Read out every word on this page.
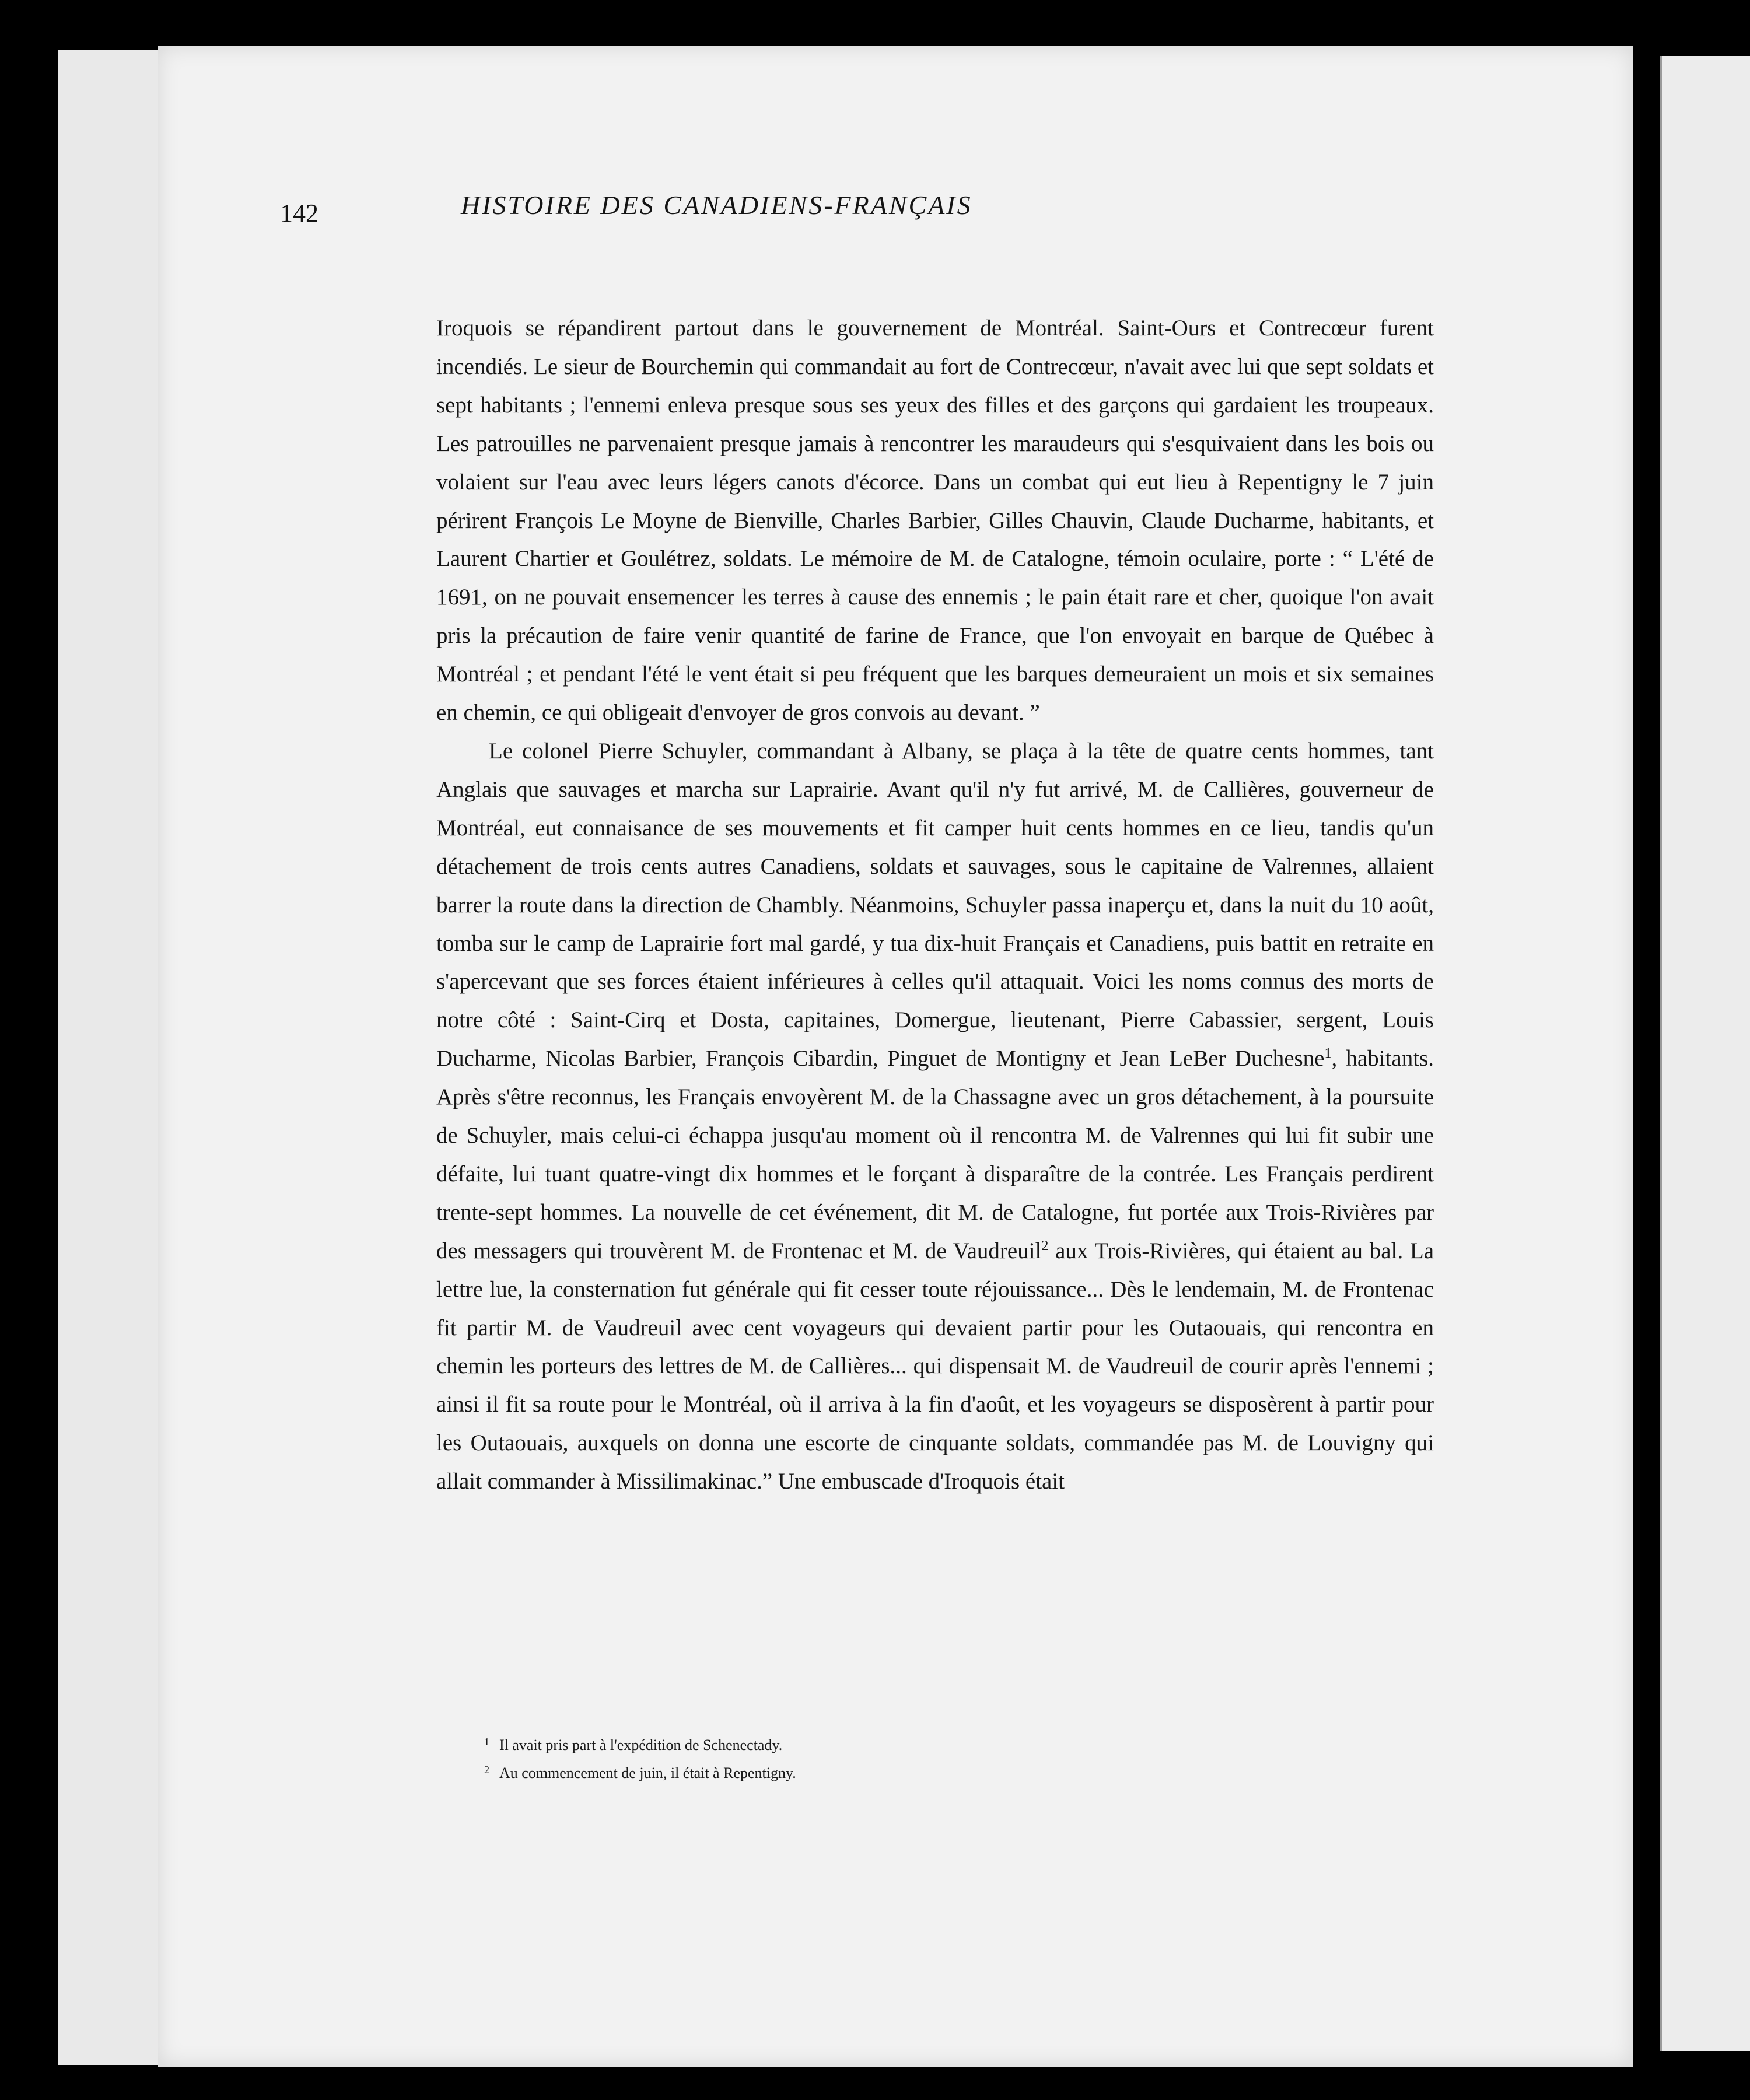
142	HISTOIRE DES CANADIENS-FRANÇAIS

Iroquois se répandirent partout dans le gouvernement de Montréal. Saint-Ours et Contrecœur furent incendiés. Le sieur de Bourchemin qui commandait au fort de Contrecœur, n'avait avec lui que sept soldats et sept habitants ; l'ennemi enleva presque sous ses yeux des filles et des garçons qui gardaient les troupeaux. Les patrouilles ne parvenaient presque jamais à rencontrer les maraudeurs qui s'esquivaient dans les bois ou volaient sur l'eau avec leurs légers canots d'écorce. Dans un combat qui eut lieu à Repentigny le 7 juin périrent François Le Moyne de Bienville, Charles Barbier, Gilles Chauvin, Claude Ducharme, habitants, et Laurent Chartier et Goulétrez, soldats. Le mémoire de M. de Catalogne, témoin oculaire, porte : “ L'été de 1691, on ne pouvait ensemencer les terres à cause des ennemis ; le pain était rare et cher, quoique l'on avait pris la précaution de faire venir quantité de farine de France, que l'on envoyait en barque de Québec à Montréal ; et pendant l'été le vent était si peu fréquent que les barques demeuraient un mois et six semaines en chemin, ce qui obligeait d'envoyer de gros convois au devant. ”

Le colonel Pierre Schuyler, commandant à Albany, se plaça à la tête de quatre cents hommes, tant Anglais que sauvages et marcha sur Laprairie. Avant qu'il n'y fut arrivé, M. de Callières, gouverneur de Montréal, eut connaisance de ses mouvements et fit camper huit cents hommes en ce lieu, tandis qu'un détachement de trois cents autres Canadiens, soldats et sauvages, sous le capitaine de Valrennes, allaient barrer la route dans la direction de Chambly. Néanmoins, Schuyler passa inaperçu et, dans la nuit du 10 août, tomba sur le camp de Laprairie fort mal gardé, y tua dix-huit Français et Canadiens, puis battit en retraite en s'apercevant que ses forces étaient inférieures à celles qu'il attaquait. Voici les noms connus des morts de notre côté : Saint-Cirq et Dosta, capitaines, Domergue, lieutenant, Pierre Cabassier, sergent, Louis Ducharme, Nicolas Barbier, François Cibardin, Pinguet de Montigny et Jean LeBer Duchesne$^1$, habitants. Après s'être reconnus, les Français envoyèrent M. de la Chassagne avec un gros détachement, à la poursuite de Schuyler, mais celui-ci échappa jusqu'au moment où il rencontra M. de Valrennes qui lui fit subir une défaite, lui tuant quatre-vingt dix hommes et le forçant à disparaître de la contrée. Les Français perdirent trente-sept hommes. La nouvelle de cet événement, dit M. de Catalogne, fut portée aux Trois-Rivières par des messagers qui trouvèrent M. de Frontenac et M. de Vaudreuil$^2$ aux Trois-Rivières, qui étaient au bal. La lettre lue, la consternation fut générale qui fit cesser toute réjouissance... Dès le lendemain, M. de Frontenac fit partir M. de Vaudreuil avec cent voyageurs qui devaient partir pour les Outaouais, qui rencontra en chemin les porteurs des lettres de M. de Callières... qui dispensait M. de Vaudreuil de courir après l'ennemi ; ainsi il fit sa route pour le Montréal, où il arriva à la fin d'août, et les voyageurs se disposèrent à partir pour les Outaouais, auxquels on donna une escorte de cinquante soldats, commandée pas M. de Louvigny qui allait commander à Missilimakinac.” Une embuscade d'Iroquois était

1 Il avait pris part à l'expédition de Schenectady.
2 Au commencement de juin, il était à Repentigny.
